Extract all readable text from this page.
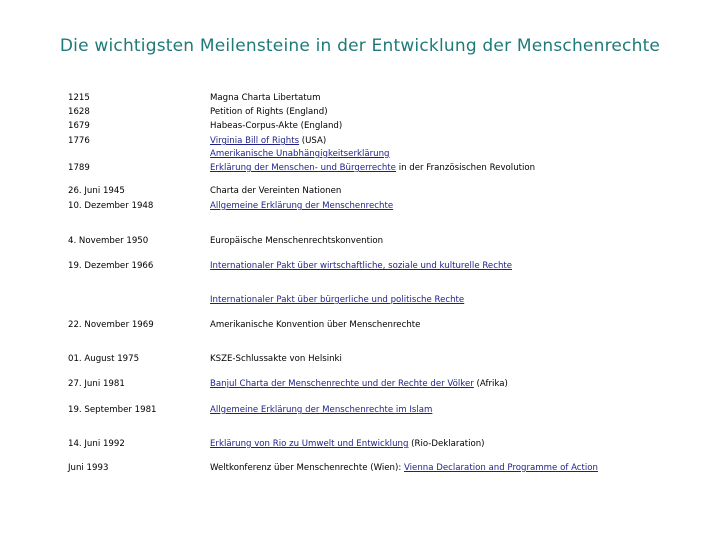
Die wichtigsten Meilensteine in der Entwicklung der Menschenrechte
1215	Magna Charta Libertatum
1628	Petition of Rights (England)
1679	Habeas-Corpus-Akte (England)
1776	Virginia Bill of Rights (USA)
Amerikanische Unabhängigkeitserklärung
1789	Erklärung der Menschen- und Bürgerrechte in der Französischen Revolution
26. Juni 1945	Charta der Vereinten Nationen
10. Dezember 1948	Allgemeine Erklärung der Menschenrechte
4. November 1950	Europäische Menschenrechtskonvention
19. Dezember 1966	Internationaler Pakt über wirtschaftliche, soziale und kulturelle Rechte
Internationaler Pakt über bürgerliche und politische Rechte
22. November 1969	Amerikanische Konvention über Menschenrechte
01. August 1975	KSZE-Schlussakte von Helsinki
27. Juni 1981	Banjul Charta der Menschenrechte und der Rechte der Völker (Afrika)
19. September 1981	Allgemeine Erklärung der Menschenrechte im Islam
14. Juni 1992	Erklärung von Rio zu Umwelt und Entwicklung (Rio-Deklaration)
Juni 1993	Weltkonferenz über Menschenrechte (Wien): Vienna Declaration and Programme of Action
